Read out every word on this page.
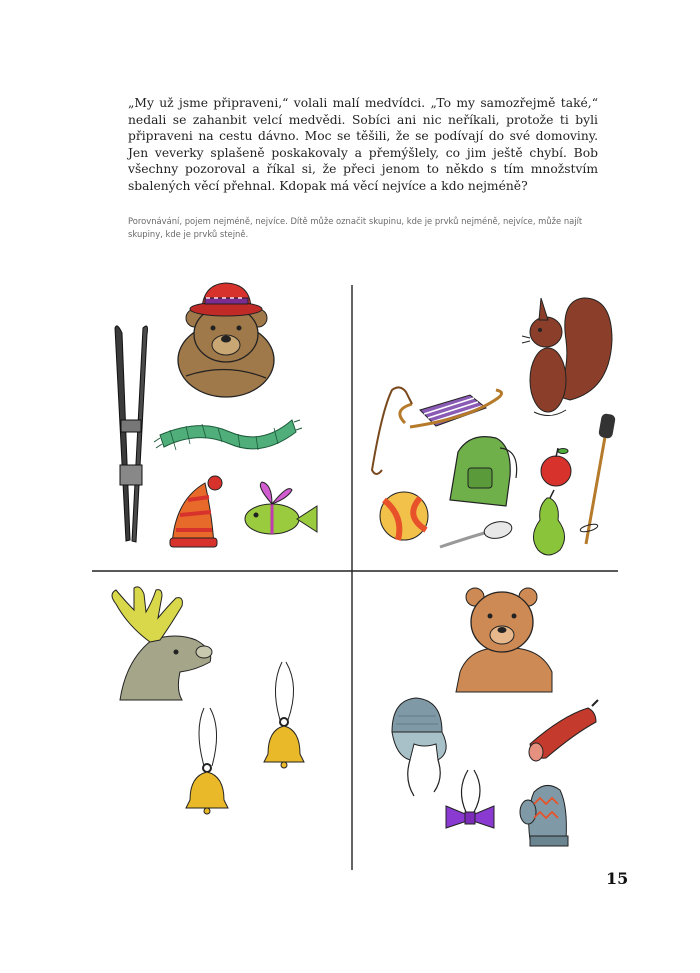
„My už jsme připraveni,“ volali malí medvídci. „To my samozřejmě také,“ nedali se zahanbit velcí medvědi. Sobíci ani nic neříkali, protože ti byli připraveni na cestu dávno. Moc se těšili, že se podívají do své domoviny. Jen veverky splašeně poskakovaly a přemýšlely, co jim ještě chybí. Bob všechny pozoroval a říkal si, že přeci jenom to někdo s tím množstvím sbalených věcí přehnal. Kdopak má věcí nejvíce a kdo nejméně?

Porovnávání, pojem nejméně, nejvíce. Dítě může označit skupinu, kde je prvků nejméně, nejvíce, může najít skupiny, kde je prvků stejně.

15
